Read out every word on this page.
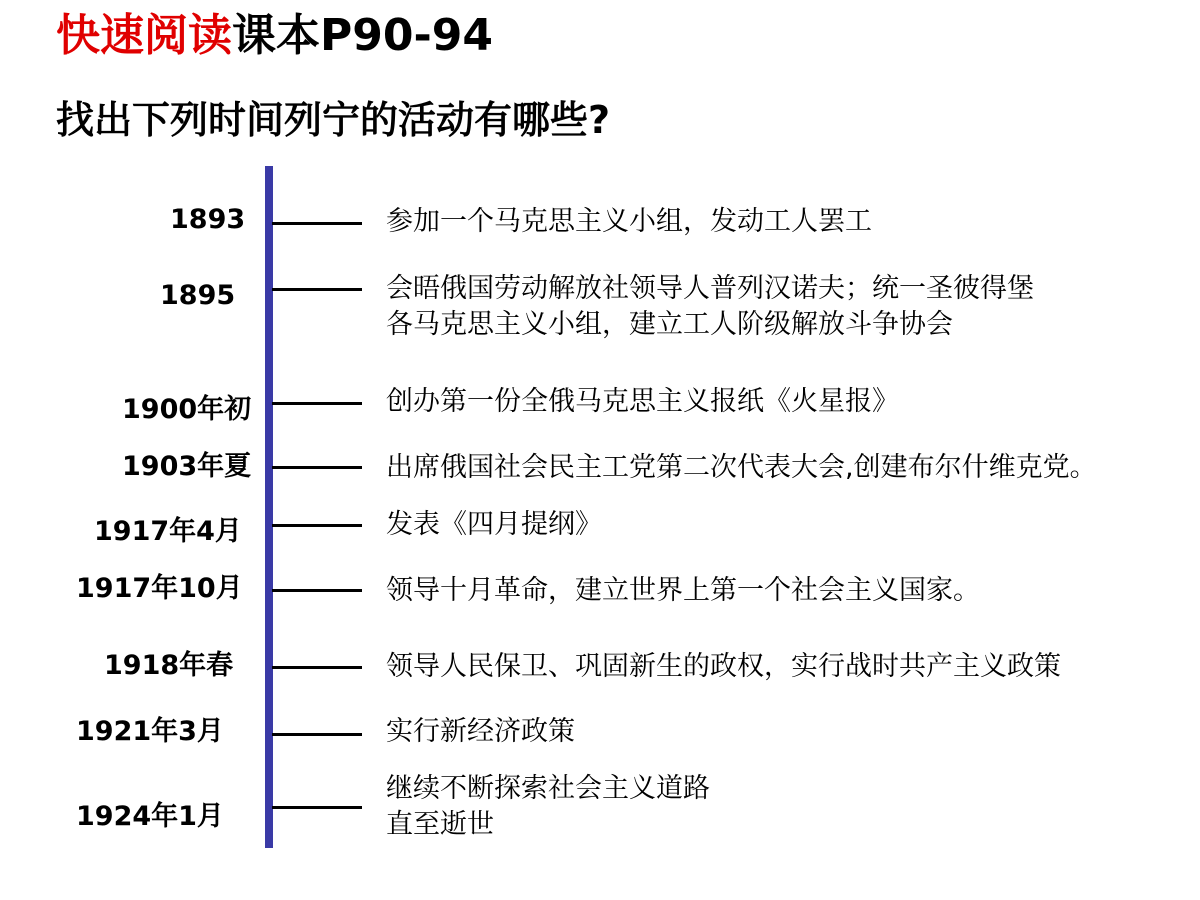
快速阅读课本P90-94
找出下列时间列宁的活动有哪些?
1893
1895
1900年初
1903年夏
1917年4月
1917年10月
1918年春
1921年3月
1924年1月
参加一个马克思主义小组，发动工人罢工
会晤俄国劳动解放社领导人普列汉诺夫；统一圣彼得堡
各马克思主义小组，建立工人阶级解放斗争协会
创办第一份全俄马克思主义报纸《火星报》
出席俄国社会民主工党第二次代表大会,创建布尔什维克党。
发表《四月提纲》
领导十月革命，建立世界上第一个社会主义国家。
领导人民保卫、巩固新生的政权，实行战时共产主义政策
实行新经济政策
继续不断探索社会主义道路
直至逝世
